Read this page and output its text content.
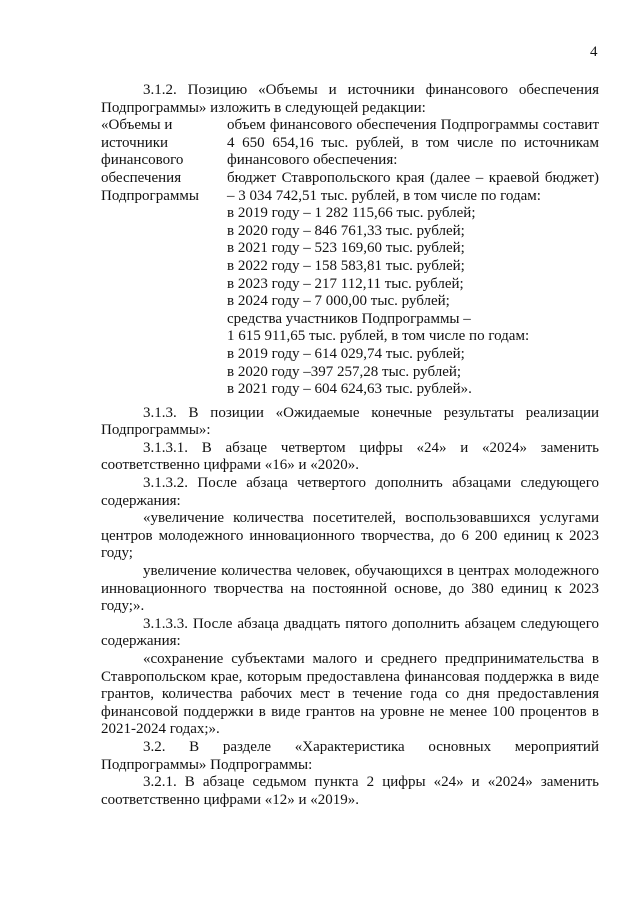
4

3.1.2. Позицию «Объемы и источники финансового обеспечения Подпрограммы» изложить в следующей редакции:

«Объемы и
источники
финансового
обеспечения
Подпрограммы

объем финансового обеспечения Подпрограммы составит 4 650 654,16 тыс. рублей, в том числе по источникам финансового обеспечения:

бюджет Ставропольского края (далее – краевой бюджет) – 3 034 742,51 тыс. рублей, в том числе по годам:

в 2019 году – 1 282 115,66 тыс. рублей;
в 2020 году – 846 761,33 тыс. рублей;
в 2021 году – 523 169,60 тыс. рублей;
в 2022 году – 158 583,81 тыс. рублей;
в 2023 году – 217 112,11 тыс. рублей;
в 2024 году – 7 000,00 тыс. рублей;
средства участников Подпрограммы –
1 615 911,65 тыс. рублей, в том числе по годам:
в 2019 году – 614 029,74 тыс. рублей;
в 2020 году –397 257,28 тыс. рублей;
в 2021 году – 604 624,63 тыс. рублей».

3.1.3. В позиции «Ожидаемые конечные результаты реализации Подпрограммы»:

3.1.3.1. В абзаце четвертом цифры «24» и «2024» заменить соответственно цифрами «16» и «2020».

3.1.3.2. После абзаца четвертого дополнить абзацами следующего содержания:

«увеличение количества посетителей, воспользовавшихся услугами центров молодежного инновационного творчества, до 6 200 единиц к 2023 году;

увеличение количества человек, обучающихся в центрах молодежного инновационного творчества на постоянной основе, до 380 единиц к 2023 году;».

3.1.3.3. После абзаца двадцать пятого дополнить абзацем следующего содержания:

«сохранение субъектами малого и среднего предпринимательства в Ставропольском крае, которым предоставлена финансовая поддержка в виде грантов, количества рабочих мест в течение года со дня предоставления финансовой поддержки в виде грантов на уровне не менее 100 процентов в 2021-2024 годах;».

3.2. В разделе «Характеристика основных мероприятий Подпрограммы» Подпрограммы:

3.2.1. В абзаце седьмом пункта 2 цифры «24» и «2024» заменить соответственно цифрами «12» и «2019».
